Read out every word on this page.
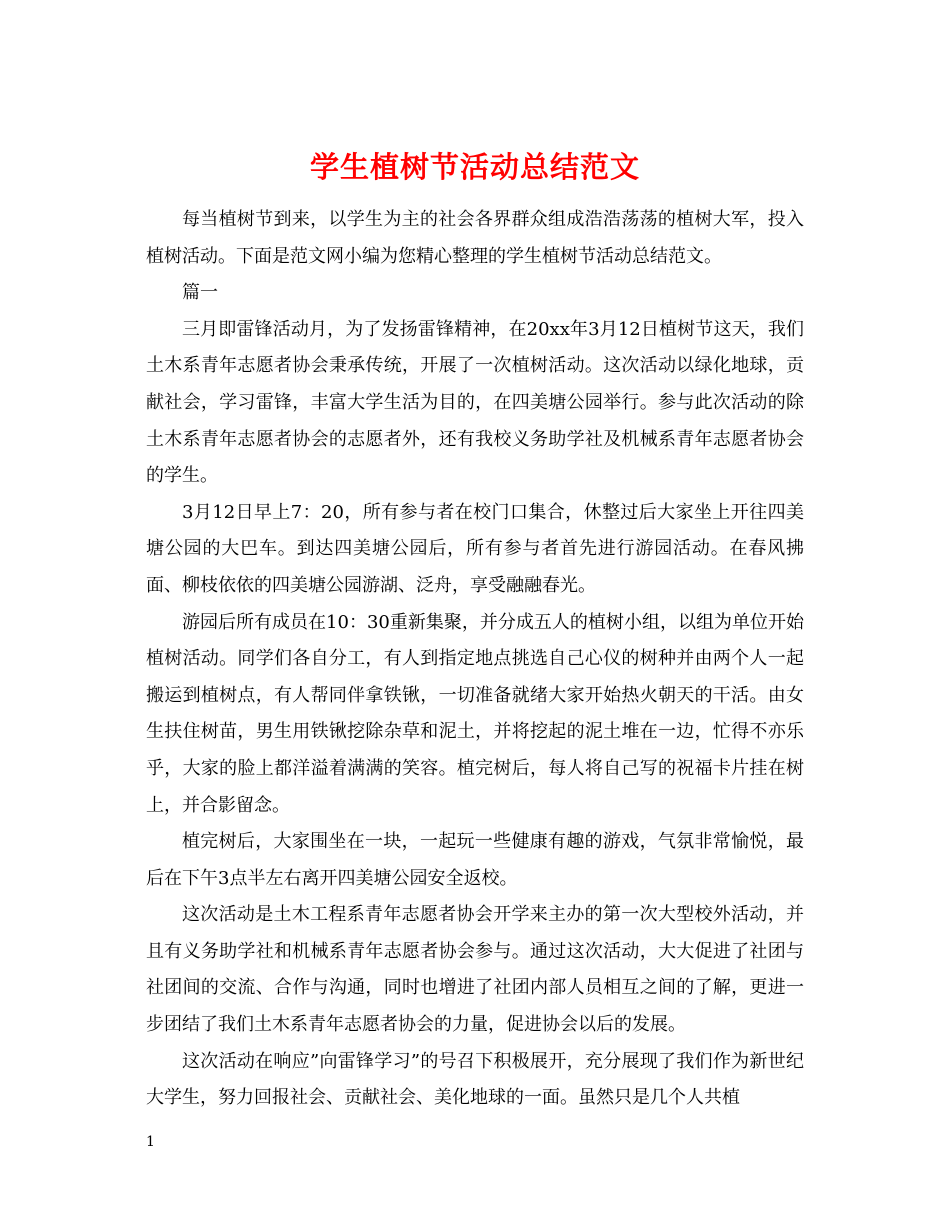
学生植树节活动总结范文

每当植树节到来，以学生为主的社会各界群众组成浩浩荡荡的植树大军，投入植树活动。下面是范文网小编为您精心整理的学生植树节活动总结范文。

篇一

三月即雷锋活动月，为了发扬雷锋精神，在20xx年3月12日植树节这天，我们土木系青年志愿者协会秉承传统，开展了一次植树活动。这次活动以绿化地球，贡献社会，学习雷锋，丰富大学生活为目的，在四美塘公园举行。参与此次活动的除土木系青年志愿者协会的志愿者外，还有我校义务助学社及机械系青年志愿者协会的学生。

3月12日早上7：20，所有参与者在校门口集合，休整过后大家坐上开往四美塘公园的大巴车。到达四美塘公园后，所有参与者首先进行游园活动。在春风拂面、柳枝依依的四美塘公园游湖、泛舟，享受融融春光。

游园后所有成员在10：30重新集聚，并分成五人的植树小组，以组为单位开始植树活动。同学们各自分工，有人到指定地点挑选自己心仪的树种并由两个人一起搬运到植树点，有人帮同伴拿铁锹，一切准备就绪大家开始热火朝天的干活。由女生扶住树苗，男生用铁锹挖除杂草和泥土，并将挖起的泥土堆在一边，忙得不亦乐乎，大家的脸上都洋溢着满满的笑容。植完树后，每人将自己写的祝福卡片挂在树上，并合影留念。

植完树后，大家围坐在一块，一起玩一些健康有趣的游戏，气氛非常愉悦，最后在下午3点半左右离开四美塘公园安全返校。

这次活动是土木工程系青年志愿者协会开学来主办的第一次大型校外活动，并且有义务助学社和机械系青年志愿者协会参与。通过这次活动，大大促进了社团与社团间的交流、合作与沟通，同时也增进了社团内部人员相互之间的了解，更进一步团结了我们土木系青年志愿者协会的力量，促进协会以后的发展。

这次活动在响应”向雷锋学习”的号召下积极展开，充分展现了我们作为新世纪大学生，努力回报社会、贡献社会、美化地球的一面。虽然只是几个人共植

1
